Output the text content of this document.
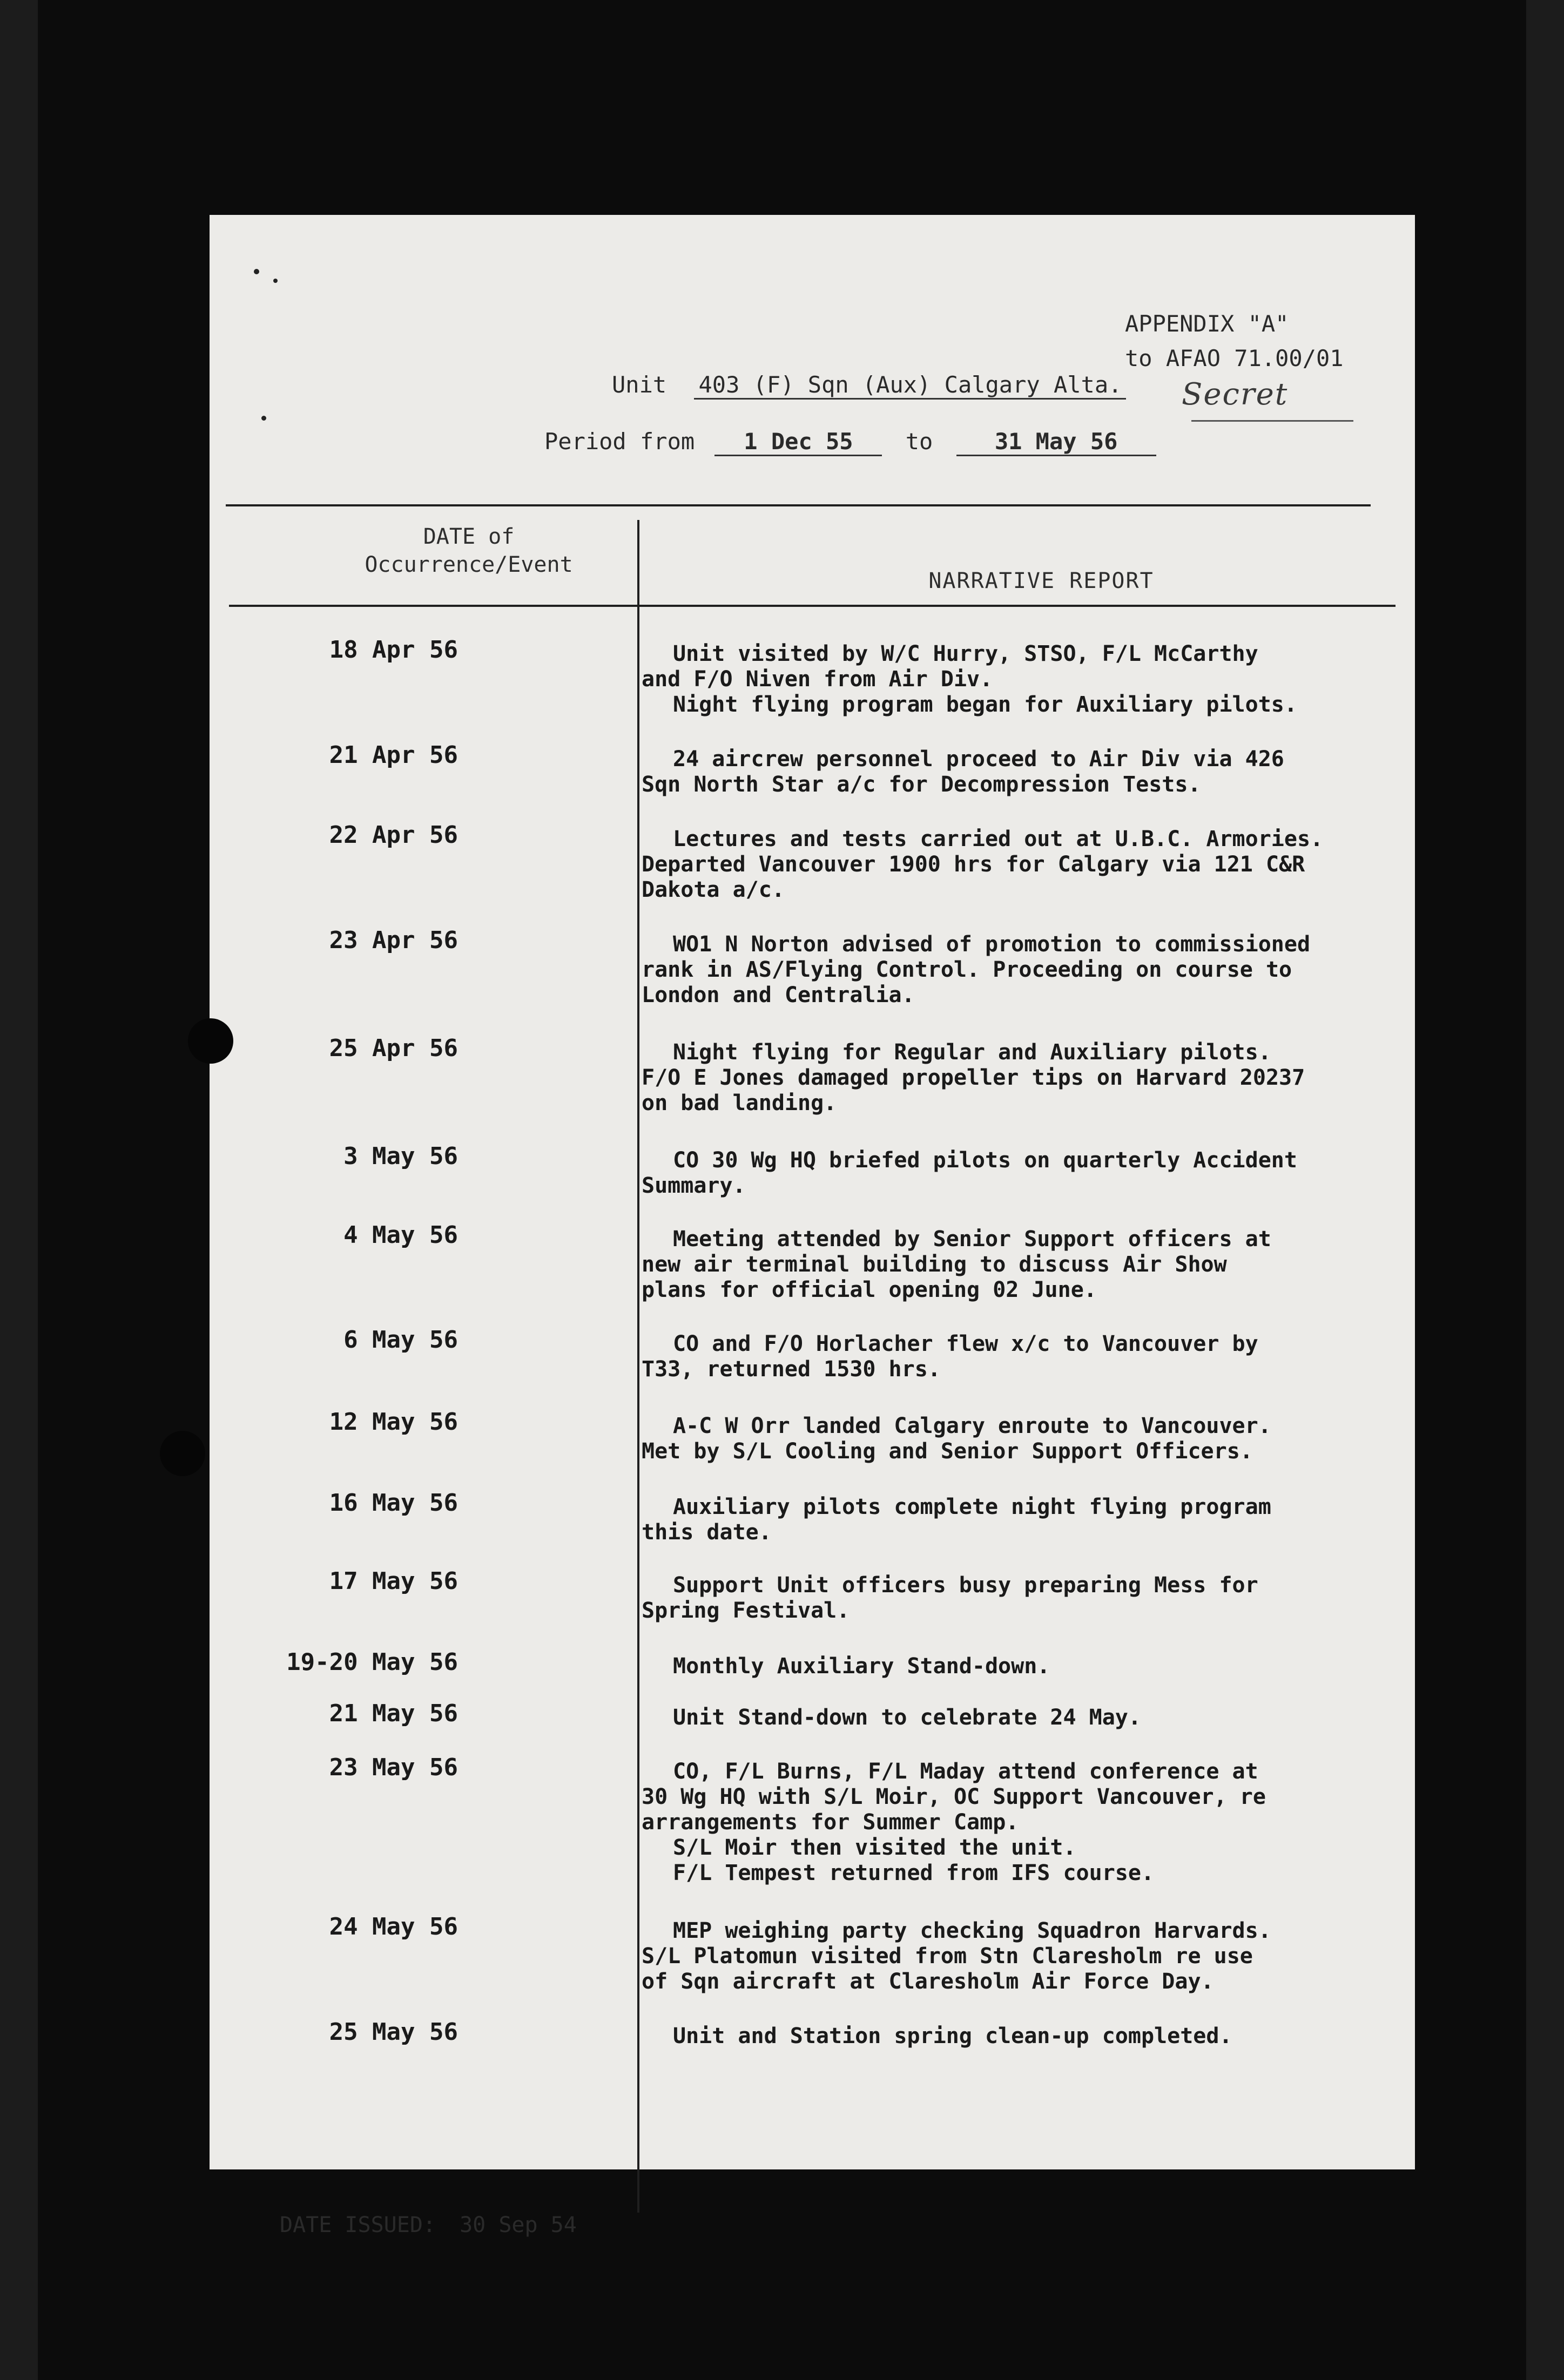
APPENDIX "A"
to AFAO 71.00/01
Secret
Unit 403 (F) Sqn (Aux) Calgary Alta.
Period from 1 Dec 55 to	31 May 56
DATE of
Occurrence/Event
NARRATIVE REPORT
18 Apr 56	Unit visited by W/C Hurry, STSO, F/L McCarthy

and F/O Niven from Air Div.

Night flying program began for Auxiliary pilots.

21 Apr 56	24 aircrew personnel proceed to Air Div via 426

Sqn North Star a/c for Decompression Tests.

22 Apr 56	Lectures and tests carried out at U.B.C. Armories.

Departed Vancouver 1900 hrs for Calgary via 121 C&R

Dakota a/c.

23 Apr 56	WO1 N Norton advised of promotion to commissioned

rank in AS/Flying Control. Proceeding on course to

London and Centralia.

25 Apr 56	Night flying for Regular and Auxiliary pilots.

F/O E Jones damaged propeller tips on Harvard 20237

on bad landing.

3 May 56	CO 30 Wg HQ briefed pilots on quarterly Accident

Summary.

4 May 56	Meeting attended by Senior Support officers at

new air terminal building to discuss Air Show

plans for official opening 02 June.

6 May 56	CO and F/O Horlacher flew x/c to Vancouver by

T33, returned 1530 hrs.

12 May 56	A-C W Orr landed Calgary enroute to Vancouver.

Met by S/L Cooling and Senior Support Officers.

16 May 56	Auxiliary pilots complete night flying program

this date.

17 May 56	Support Unit officers busy preparing Mess for

Spring Festival.

19-20 May 56	Monthly Auxiliary Stand-down.

21 May 56	Unit Stand-down to celebrate 24 May.

23 May 56	CO, F/L Burns, F/L Maday attend conference at

30 Wg HQ with S/L Moir, OC Support Vancouver, re

arrangements for Summer Camp.

S/L Moir then visited the unit.

F/L Tempest returned from IFS course.

24 May 56	MEP weighing party checking Squadron Harvards.

S/L Platomun visited from Stn Claresholm re use

of Sqn aircraft at Claresholm Air Force Day.

25 May 56	Unit and Station spring clean-up completed.

DATE ISSUED: 30 Sep 54
